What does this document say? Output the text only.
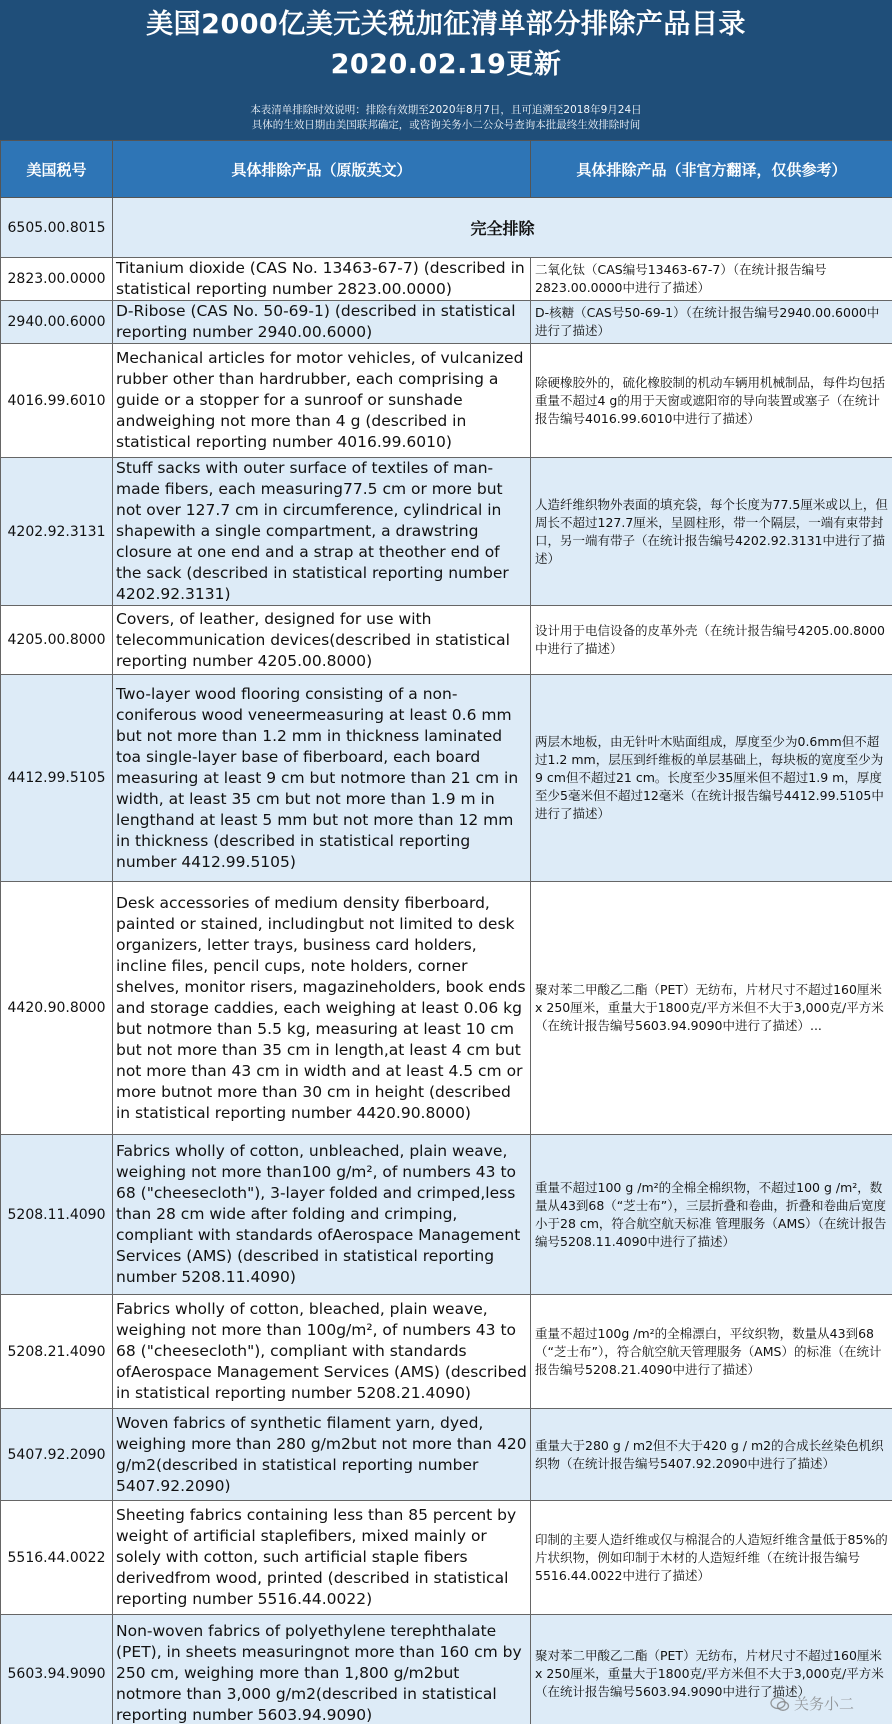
美国2000亿美元关税加征清单部分排除产品目录
2020.02.19更新
本表清单排除时效说明：排除有效期至2020年8月7日，且可追溯至2018年9月24日
具体的生效日期由美国联邦确定，或咨询关务小二公众号查询本批最终生效排除时间
美国税号	具体排除产品（原版英文）	具体排除产品（非官方翻译，仅供参考）
6505.00.8015	完全排除	
2823.00.0000	Titanium dioxide (CAS No. 13463-67-7) (described in statistical reporting number 2823.00.0000)	二氧化钛（CAS编号13463-67-7）（在统计报告编号2823.00.0000中进行了描述）
2940.00.6000	D-Ribose (CAS No. 50-69-1) (described in statistical reporting number 2940.00.6000)	D-核糖（CAS号50-69-1）（在统计报告编号2940.00.6000中进行了描述）
4016.99.6010	Mechanical articles for motor vehicles, of vulcanized rubber other than hardrubber, each comprising a guide or a stopper for a sunroof or sunshade andweighing not more than 4 g (described in statistical reporting number 4016.99.6010)	除硬橡胶外的，硫化橡胶制的机动车辆用机械制品，每件均包括重量不超过4 g的用于天窗或遮阳帘的导向装置或塞子（在统计报告编号4016.99.6010中进行了描述）
4202.92.3131	Stuff sacks with outer surface of textiles of man-made fibers, each measuring77.5 cm or more but not over 127.7 cm in circumference, cylindrical in shapewith a single compartment, a drawstring closure at one end and a strap at theother end of the sack (described in statistical reporting number 4202.92.3131)	人造纤维织物外表面的填充袋，每个长度为77.5厘米或以上，但周长不超过127.7厘米，呈圆柱形，带一个隔层，一端有束带封口，另一端有带子（在统计报告编号4202.92.3131中进行了描述）
4205.00.8000	Covers, of leather, designed for use with telecommunication devices(described in statistical reporting number 4205.00.8000)	设计用于电信设备的皮革外壳（在统计报告编号4205.00.8000中进行了描述）
4412.99.5105	Two-layer wood flooring consisting of a non-coniferous wood veneermeasuring at least 0.6 mm but not more than 1.2 mm in thickness laminated toa single-layer base of fiberboard, each board measuring at least 9 cm but notmore than 21 cm in width, at least 35 cm but not more than 1.9 m in lengthand at least 5 mm but not more than 12 mm in thickness (described in statistical reporting number 4412.99.5105)	两层木地板，由无针叶木贴面组成，厚度至少为0.6mm但不超过1.2 mm，层压到纤维板的单层基础上，每块板的宽度至少为9 cm但不超过21 cm。长度至少35厘米但不超过1.9 m，厚度至少5毫米但不超过12毫米（在统计报告编号4412.99.5105中进行了描述）
4420.90.8000	Desk accessories of medium density fiberboard, painted or stained, includingbut not limited to desk organizers, letter trays, business card holders, incline files, pencil cups, note holders, corner shelves, monitor risers, magazineholders, book ends and storage caddies, each weighing at least 0.06 kg but notmore than 5.5 kg, measuring at least 10 cm but not more than 35 cm in length,at least 4 cm but not more than 43 cm in width and at least 4.5 cm or more butnot more than 30 cm in height (described in statistical reporting number 4420.90.8000)	聚对苯二甲酸乙二酯（PET）无纺布，片材尺寸不超过160厘米x 250厘米，重量大于1800克/平方米但不大于3,000克/平方米（在统计报告编号5603.94.9090中进行了描述）...
5208.11.4090	Fabrics wholly of cotton, unbleached, plain weave, weighing not more than100 g/m², of numbers 43 to 68 ("cheesecloth"), 3-layer folded and crimped,less than 28 cm wide after folding and crimping, compliant with standards ofAerospace Management Services (AMS) (described in statistical reporting number 5208.11.4090)	重量不超过100 g /m²的全棉全棉织物，不超过100 g /m²，数量从43到68（“芝士布”），三层折叠和卷曲，折叠和卷曲后宽度小于28 cm，符合航空航天标准 管理服务（AMS）（在统计报告编号5208.11.4090中进行了描述）
5208.21.4090	Fabrics wholly of cotton, bleached, plain weave, weighing not more than 100g/m², of numbers 43 to 68 ("cheesecloth"), compliant with standards ofAerospace Management Services (AMS) (described in statistical reporting number 5208.21.4090)	重量不超过100g /m²的全棉漂白，平纹织物，数量从43到68（“芝士布”），符合航空航天管理服务（AMS）的标准（在统计报告编号5208.21.4090中进行了描述）
5407.92.2090	Woven fabrics of synthetic filament yarn, dyed, weighing more than 280 g/m2but not more than 420 g/m2(described in statistical reporting number 5407.92.2090)	重量大于280 g / m2但不大于420 g / m2的合成长丝染色机织织物（在统计报告编号5407.92.2090中进行了描述）
5516.44.0022	Sheeting fabrics containing less than 85 percent by weight of artificial staplefibers, mixed mainly or solely with cotton, such artificial staple fibers derivedfrom wood, printed (described in statistical reporting number 5516.44.0022)	印制的主要人造纤维或仅与棉混合的人造短纤维含量低于85%的片状织物，例如印制于木材的人造短纤维（在统计报告编号5516.44.0022中进行了描述）
5603.94.9090	Non-woven fabrics of polyethylene terephthalate (PET), in sheets measuringnot more than 160 cm by 250 cm, weighing more than 1,800 g/m2but notmore than 3,000 g/m2(described in statistical reporting number 5603.94.9090)	聚对苯二甲酸乙二酯（PET）无纺布，片材尺寸不超过160厘米x 250厘米，重量大于1800克/平方米但不大于3,000克/平方米（在统计报告编号5603.94.9090中进行了描述）
关务小二
